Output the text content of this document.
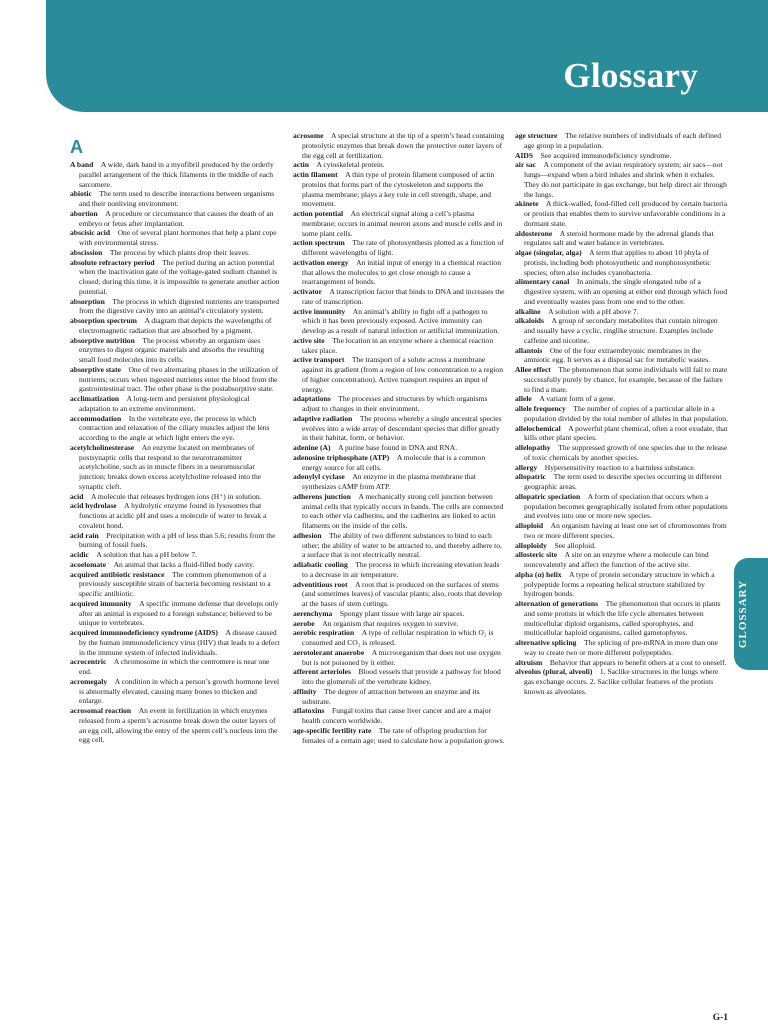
Glossary
GLOSSARY
A

A band   A wide, dark band in a myofibril produced by the orderly parallel arrangement of the thick filaments in the middle of each sarcomere.

abiotic   The term used to describe interactions between organisms and their nonliving environment.

abortion   A procedure or circumstance that causes the death of an embryo or fetus after implantation.

abscisic acid   One of several plant hormones that help a plant cope with environmental stress.

abscission   The process by which plants drop their leaves.

absolute refractory period   The period during an action potential when the inactivation gate of the voltage-gated sodium channel is closed; during this time, it is impossible to generate another action potential.

absorption   The process in which digested nutrients are transported from the digestive cavity into an animal’s circulatory system.

absorption spectrum   A diagram that depicts the wavelengths of electromagnetic radiation that are absorbed by a pigment.

absorptive nutrition   The process whereby an organism uses enzymes to digest organic materials and absorbs the resulting small food molecules into its cells.

absorptive state   One of two alternating phases in the utilization of nutrients; occurs when ingested nutrients enter the blood from the gastrointestinal tract. The other phase is the postabsorptive state.

acclimatization   A long-term and persistent physiological adaptation to an extreme environment.

accommodation   In the vertebrate eye, the process in which contraction and relaxation of the ciliary muscles adjust the lens according to the angle at which light enters the eye.

acetylcholinesterase   An enzyme located on membranes of postsynaptic cells that respond to the neurotransmitter acetylcholine, such as in muscle fibers in a neuromuscular junction; breaks down excess acetylcholine released into the synaptic cleft.

acid   A molecule that releases hydrogen ions (H⁺) in solution.

acid hydrolase   A hydrolytic enzyme found in lysosomes that functions at acidic pH and uses a molecule of water to break a covalent bond.

acid rain   Precipitation with a pH of less than 5.6; results from the burning of fossil fuels.

acidic   A solution that has a pH below 7.

acoelomate   An animal that lacks a fluid-filled body cavity.

acquired antibiotic resistance   The common phenomenon of a previously susceptible strain of bacteria becoming resistant to a specific antibiotic.

acquired immunity   A specific immune defense that develops only after an animal is exposed to a foreign substance; believed to be unique to vertebrates.

acquired immunodeficiency syndrome (AIDS)   A disease caused by the human immunodeficiency virus (HIV) that leads to a defect in the immune system of infected individuals.

acrocentric   A chromosome in which the centromere is near one end.

acromegaly   A condition in which a person’s growth hormone level is abnormally elevated, causing many bones to thicken and enlarge.

acrosomal reaction   An event in fertilization in which enzymes released from a sperm’s acrosome break down the outer layers of an egg cell, allowing the entry of the sperm cell’s nucleus into the egg cell.

acrosome   A special structure at the tip of a sperm’s head containing proteolytic enzymes that break down the protective outer layers of the egg cell at fertilization.

actin   A cytoskeletal protein.

actin filament   A thin type of protein filament composed of actin proteins that forms part of the cytoskeleton and supports the plasma membrane; plays a key role in cell strength, shape, and movement.

action potential   An electrical signal along a cell’s plasma membrane; occurs in animal neuron axons and muscle cells and in some plant cells.

action spectrum   The rate of photosynthesis plotted as a function of different wavelengths of light.

activation energy   An initial input of energy in a chemical reaction that allows the molecules to get close enough to cause a rearrangement of bonds.

activator   A transcription factor that binds to DNA and increases the rate of transcription.

active immunity   An animal’s ability to fight off a pathogen to which it has been previously exposed. Active immunity can develop as a result of natural infection or artificial immunization.

active site   The location in an enzyme where a chemical reaction takes place.

active transport   The transport of a solute across a membrane against its gradient (from a region of low concentration to a region of higher concentration). Active transport requires an input of energy.

adaptations   The processes and structures by which organisms adjust to changes in their environment.

adaptive radiation   The process whereby a single ancestral species evolves into a wide array of descendant species that differ greatly in their habitat, form, or behavior.

adenine (A)   A purine base found in DNA and RNA.

adenosine triphosphate (ATP)   A molecule that is a common energy source for all cells.

adenylyl cyclase   An enzyme in the plasma membrane that synthesizes cAMP from ATP.

adherens junction   A mechanically strong cell junction between animal cells that typically occurs in bands. The cells are connected to each other via cadherins, and the cadherins are linked to actin filaments on the inside of the cells.

adhesion   The ability of two different substances to bind to each other; the ability of water to be attracted to, and thereby adhere to, a surface that is not electrically neutral.

adiabatic cooling   The process in which increasing elevation leads to a decrease in air temperature.

adventitious root   A root that is produced on the surfaces of stems (and sometimes leaves) of vascular plants; also, roots that develop at the bases of stem cuttings.

aerenchyma   Spongy plant tissue with large air spaces.

aerobe   An organism that requires oxygen to survive.

aerobic respiration   A type of cellular respiration in which O₂ is consumed and CO₂ is released.

aerotolerant anaerobe   A microorganism that does not use oxygen but is not poisoned by it either.

afferent arterioles   Blood vessels that provide a pathway for blood into the glomeruli of the vertebrate kidney.

affinity   The degree of attraction between an enzyme and its substrate.

aflatoxins   Fungal toxins that cause liver cancer and are a major health concern worldwide.

age-specific fertility rate   The rate of offspring production for females of a certain age; used to calculate how a population grows.

age structure   The relative numbers of individuals of each defined age group in a population.

AIDS   See acquired immunodeficiency syndrome.

air sac   A component of the avian respiratory system; air sacs—not lungs—expand when a bird inhales and shrink when it exhales. They do not participate in gas exchange, but help direct air through the lungs.

akinete   A thick-walled, food-filled cell produced by certain bacteria or protists that enables them to survive unfavorable conditions in a dormant state.

aldosterone   A steroid hormone made by the adrenal glands that regulates salt and water balance in vertebrates.

algae (singular, alga)   A term that applies to about 10 phyla of protists, including both photosynthetic and nonphotosynthetic species; often also includes cyanobacteria.

alimentary canal   In animals, the single elongated tube of a digestive system, with an opening at either end through which food and eventually wastes pass from one end to the other.

alkaline   A solution with a pH above 7.

alkaloids   A group of secondary metabolites that contain nitrogen and usually have a cyclic, ringlike structure. Examples include caffeine and nicotine.

allantois   One of the four extraembryonic membranes in the amniotic egg. It serves as a disposal sac for metabolic wastes.

Allee effect   The phenomenon that some individuals will fail to mate successfully purely by chance, for example, because of the failure to find a mate.

allele   A variant form of a gene.

allele frequency   The number of copies of a particular allele in a population divided by the total number of alleles in that population.

allelochemical   A powerful plant chemical, often a root exudate, that kills other plant species.

allelopathy   The suppressed growth of one species due to the release of toxic chemicals by another species.

allergy   Hypersensitivity reaction to a harmless substance.

allopatric   The term used to describe species occurring in different geographic areas.

allopatric speciation   A form of speciation that occurs when a population becomes geographically isolated from other populations and evolves into one or more new species.

alloploid   An organism having at least one set of chromosomes from two or more different species.

alloploidy   See alloploid.

allosteric site   A site on an enzyme where a molecule can bind noncovalently and affect the function of the active site.

alpha (α) helix   A type of protein secondary structure in which a polypeptide forms a repeating helical structure stabilized by hydrogen bonds.

alternation of generations   The phenomenon that occurs in plants and some protists in which the life cycle alternates between multicellular diploid organisms, called sporophytes, and multicellular haploid organisms, called gametophytes.

alternative splicing   The splicing of pre-mRNA in more than one way to create two or more different polypeptides.

altruism   Behavior that appears to benefit others at a cost to oneself.

alveolus (plural, alveoli)   1. Saclike structures in the lungs where gas exchange occurs. 2. Saclike cellular features of the protists known as alveolates.

G-1
